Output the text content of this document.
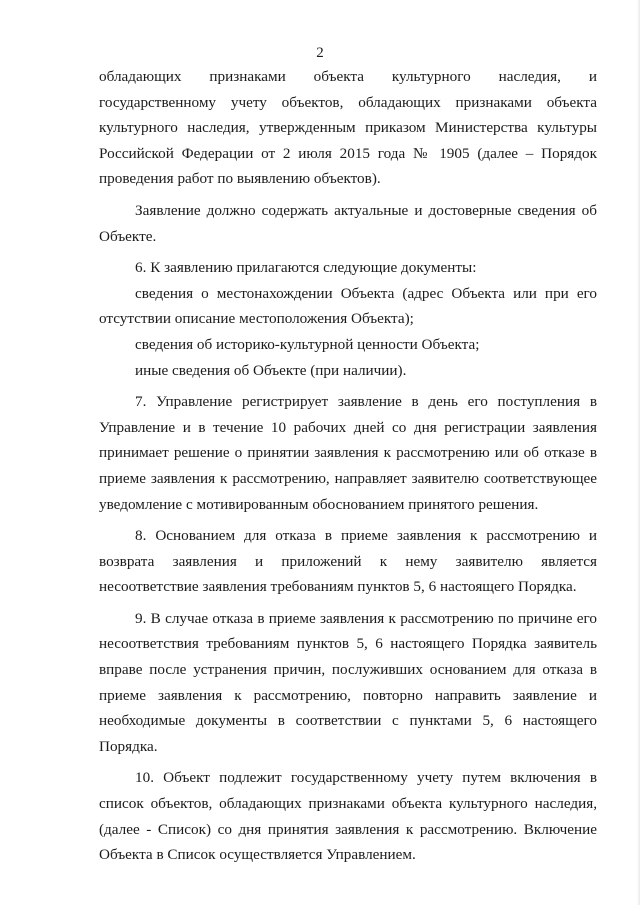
2

обладающих признаками объекта культурного наследия, и государственному учету объектов, обладающих признаками объекта культурного наследия, утвержденным приказом Министерства культуры Российской Федерации от 2 июля 2015 года № 1905 (далее – Порядок проведения работ по выявлению объектов).

Заявление должно содержать актуальные и достоверные сведения об Объекте.

6. К заявлению прилагаются следующие документы:

сведения о местонахождении Объекта (адрес Объекта или при его отсутствии описание местоположения Объекта);

сведения об историко-культурной ценности Объекта;

иные сведения об Объекте (при наличии).

7. Управление регистрирует заявление в день его поступления в Управление и в течение 10 рабочих дней со дня регистрации заявления принимает решение о принятии заявления к рассмотрению или об отказе в приеме заявления к рассмотрению, направляет заявителю соответствующее уведомление с мотивированным обоснованием принятого решения.

8. Основанием для отказа в приеме заявления к рассмотрению и возврата заявления и приложений к нему заявителю является несоответствие заявления требованиям пунктов 5, 6 настоящего Порядка.

9. В случае отказа в приеме заявления к рассмотрению по причине его несоответствия требованиям пунктов 5, 6 настоящего Порядка заявитель вправе после устранения причин, послуживших основанием для отказа в приеме заявления к рассмотрению, повторно направить заявление и необходимые документы в соответствии с пунктами 5, 6 настоящего Порядка.

10. Объект подлежит государственному учету путем включения в список объектов, обладающих признаками объекта культурного наследия, (далее - Список) со дня принятия заявления к рассмотрению. Включение Объекта в Список осуществляется Управлением.
